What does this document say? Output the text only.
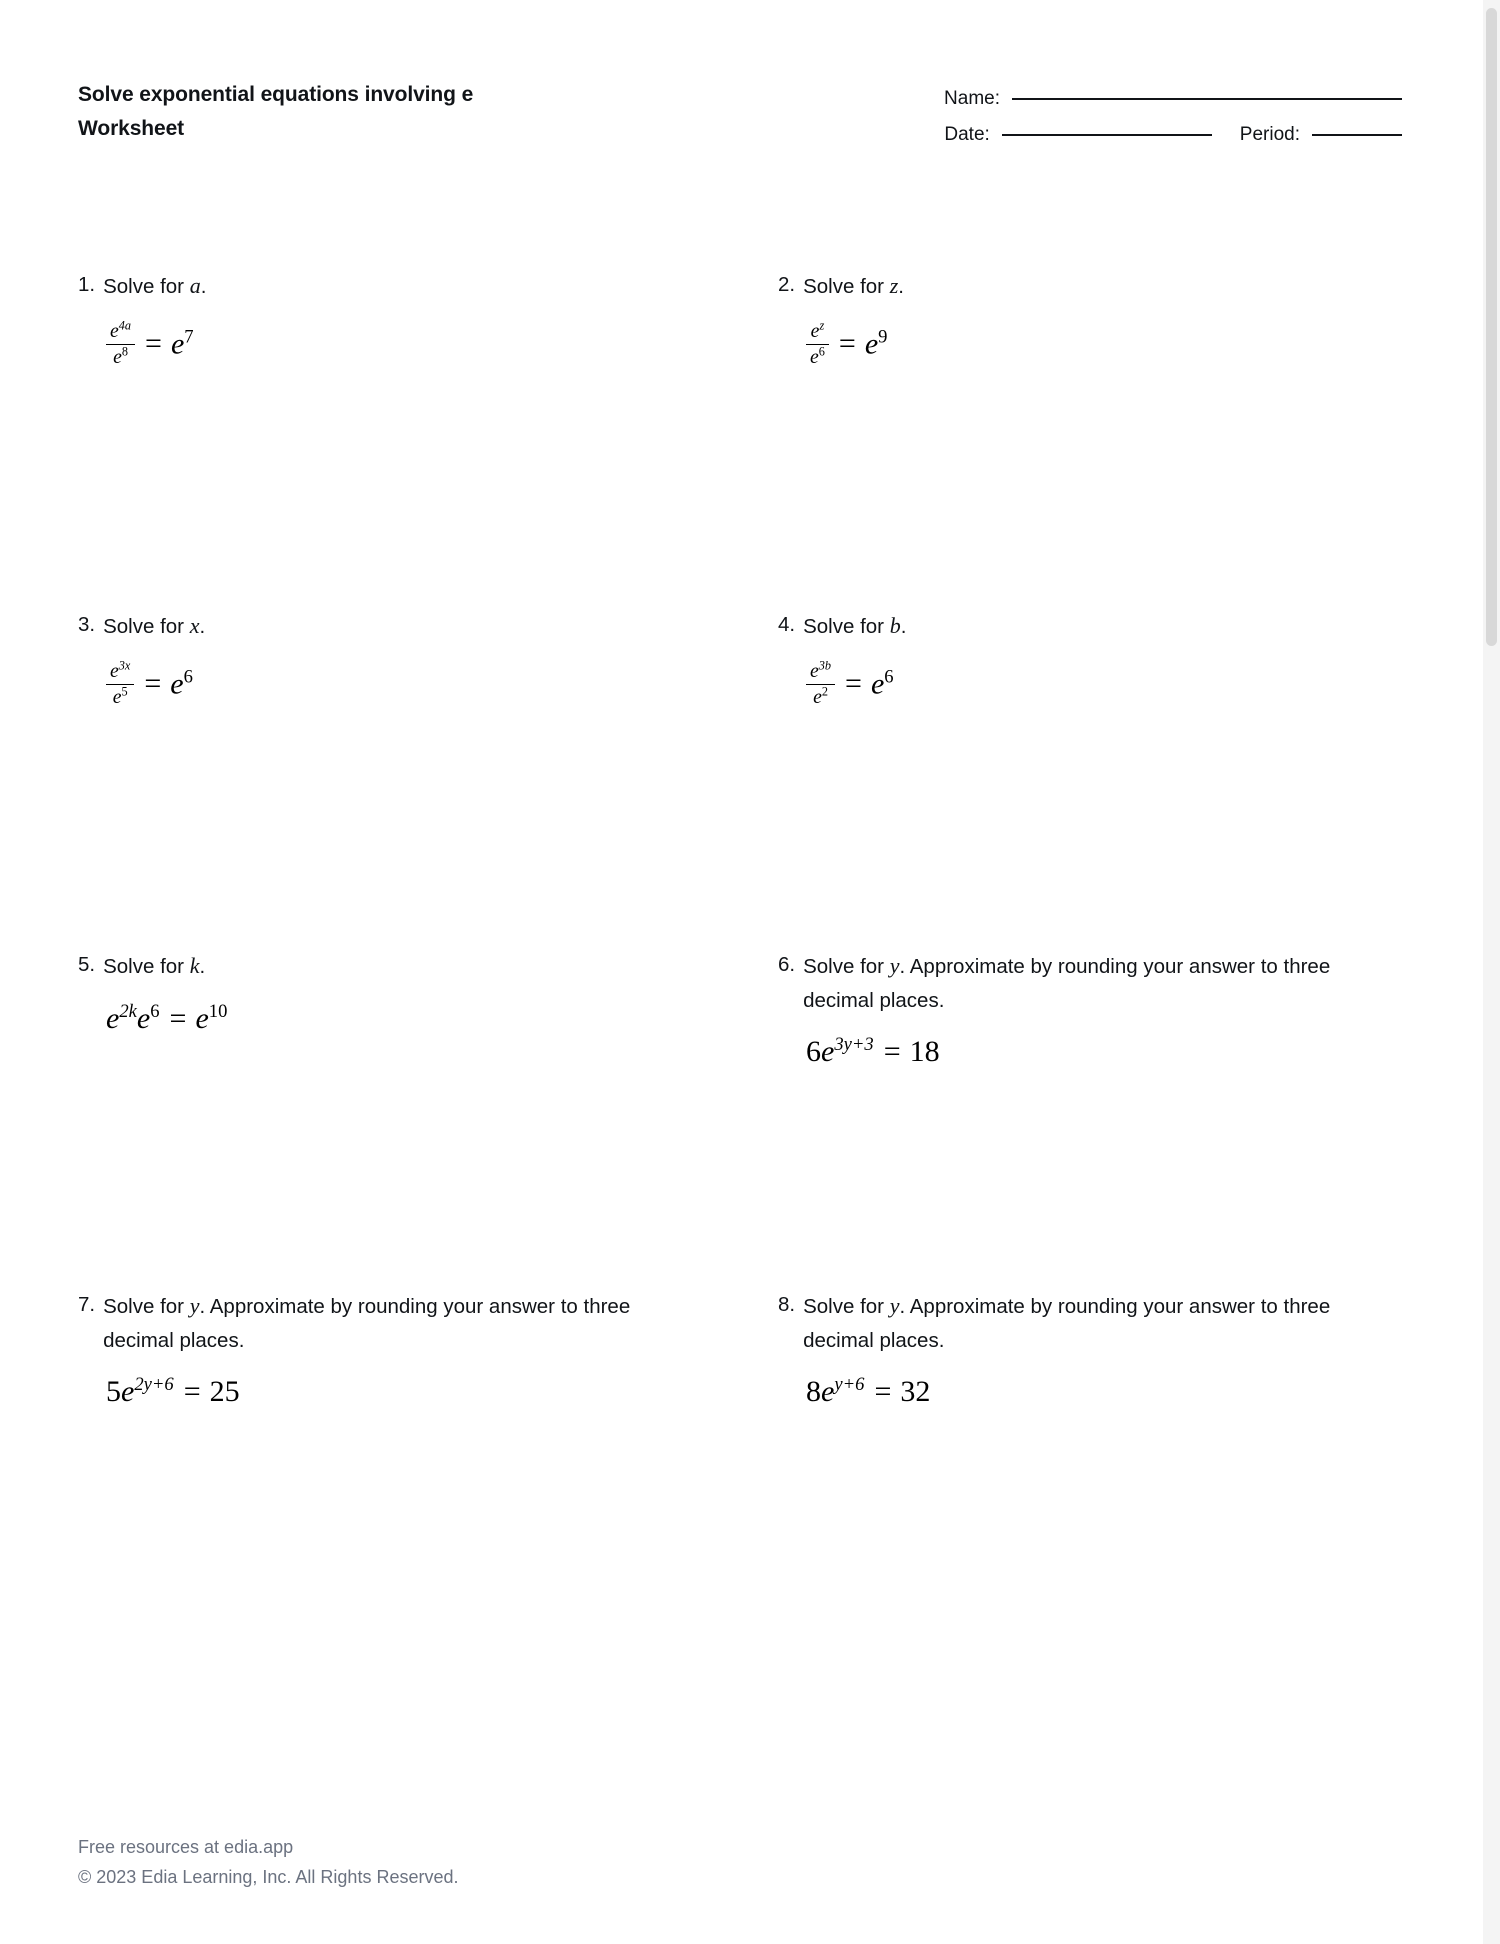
Solve exponential equations involving e
Worksheet
Name:
Date:	Period:
1. Solve for a.
$\frac{e^{4a}}{e^8} = e^7$
2. Solve for z.
$\frac{e^z}{e^6} = e^9$
3. Solve for x.
$\frac{e^{3x}}{e^5} = e^6$
4. Solve for b.
$\frac{e^{3b}}{e^2} = e^6$
5. Solve for k.
$e^{2k}e^6 = e^{10}$
6. Solve for y. Approximate by rounding your answer to three decimal places.
$6e^{3y+3} = 18$
7. Solve for y. Approximate by rounding your answer to three decimal places.
$5e^{2y+6} = 25$
8. Solve for y. Approximate by rounding your answer to three decimal places.
$8e^{y+6} = 32$
Free resources at edia.app
© 2023 Edia Learning, Inc. All Rights Reserved.
